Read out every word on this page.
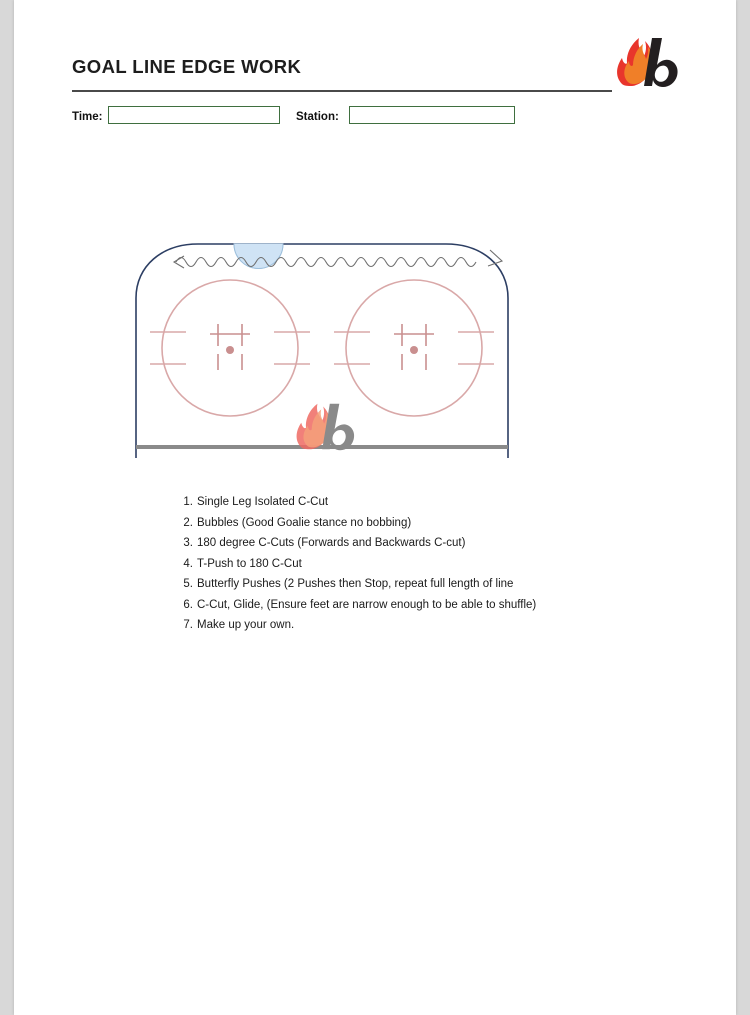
GOAL LINE EDGE WORK
Time:	Station:
1. Single Leg Isolated C-Cut
2. Bubbles (Good Goalie stance no bobbing)
3. 180 degree C-Cuts (Forwards and Backwards C-cut)
4. T-Push to 180 C-Cut
5. Butterfly Pushes (2 Pushes then Stop, repeat full length of line
6. C-Cut, Glide, (Ensure feet are narrow enough to be able to shuffle)
7. Make up your own.
